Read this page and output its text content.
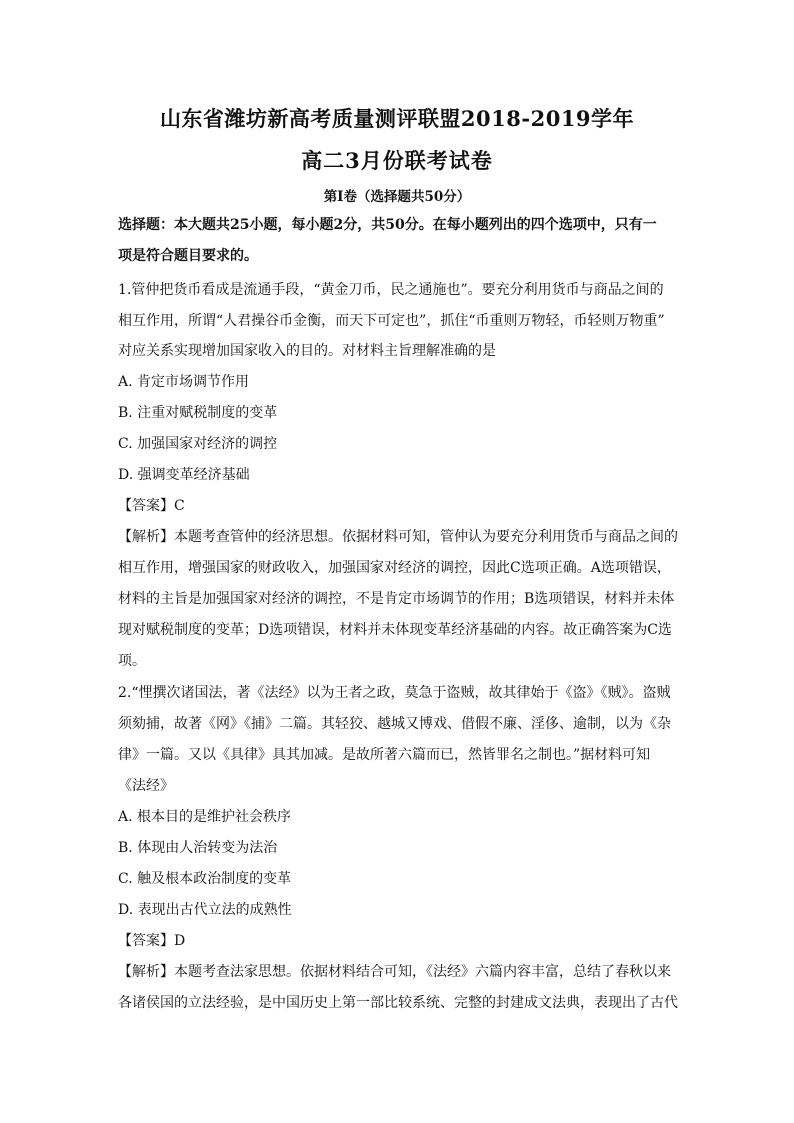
山东省潍坊新高考质量测评联盟2018-2019学年
高二3月份联考试卷
第Ⅰ卷（选择题共50分）
选择题：本大题共25小题，每小题2分，共50分。在每小题列出的四个选项中，只有一
项是符合题目要求的。
1.管仲把货币看成是流通手段，“黄金刀币，民之通施也”。要充分利用货币与商品之间的
相互作用，所谓“人君操谷币金衡，而天下可定也”，抓住“币重则万物轻，币轻则万物重”
对应关系实现增加国家收入的目的。对材料主旨理解准确的是
A. 肯定市场调节作用
B. 注重对赋税制度的变革
C. 加强国家对经济的调控
D. 强调变革经济基础
【答案】C
【解析】本题考查管仲的经济思想。依据材料可知，管仲认为要充分利用货币与商品之间的
相互作用，增强国家的财政收入，加强国家对经济的调控，因此C选项正确。A选项错误，
材料的主旨是加强国家对经济的调控，不是肯定市场调节的作用；B选项错误，材料并未体
现对赋税制度的变革；D选项错误，材料并未体现变革经济基础的内容。故正确答案为C选
项。
2.“悝撰次诸国法，著《法经》以为王者之政，莫急于盗贼，故其律始于《盗》《贼》。盗贼
须劾捕，故著《网》《捕》二篇。其轻狡、越城又博戏、借假不廉、淫侈、逾制，以为《杂
律》一篇。又以《具律》具其加减。是故所著六篇而已，然皆罪名之制也。”据材料可知
《法经》
A. 根本目的是维护社会秩序
B. 体现由人治转变为法治
C. 触及根本政治制度的变革
D. 表现出古代立法的成熟性
【答案】D
【解析】本题考查法家思想。依据材料结合可知，《法经》六篇内容丰富，总结了春秋以来
各诸侯国的立法经验，是中国历史上第一部比较系统、完整的封建成文法典，表现出了古代
